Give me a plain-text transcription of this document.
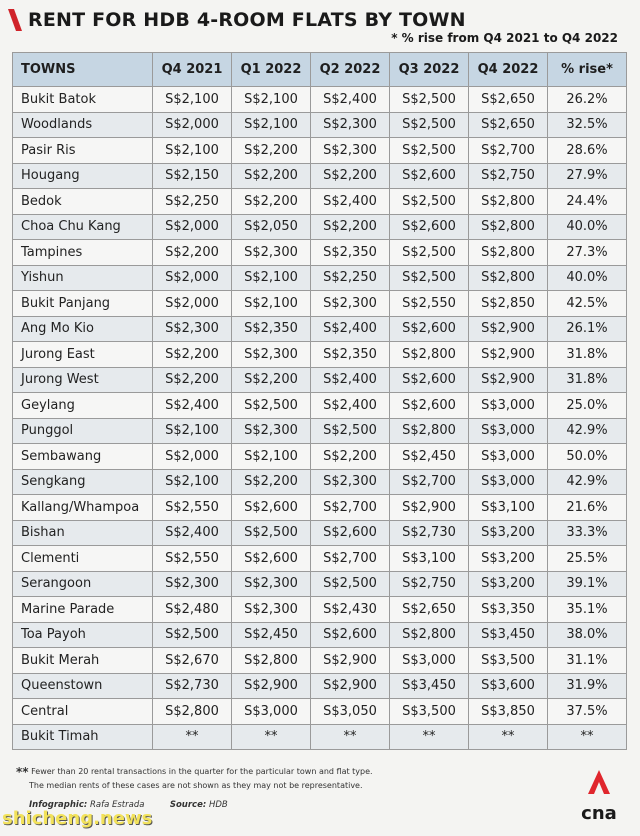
RENT FOR HDB 4-ROOM FLATS BY TOWN
* % rise from Q4 2021 to Q4 2022
TOWNS	Q4 2021	Q1 2022	Q2 2022	Q3 2022	Q4 2022	% rise*
Bukit Batok	S$2,100	S$2,100	S$2,400	S$2,500	S$2,650	26.2%
Woodlands	S$2,000	S$2,100	S$2,300	S$2,500	S$2,650	32.5%
Pasir Ris	S$2,100	S$2,200	S$2,300	S$2,500	S$2,700	28.6%
Hougang	S$2,150	S$2,200	S$2,200	S$2,600	S$2,750	27.9%
Bedok	S$2,250	S$2,200	S$2,400	S$2,500	S$2,800	24.4%
Choa Chu Kang	S$2,000	S$2,050	S$2,200	S$2,600	S$2,800	40.0%
Tampines	S$2,200	S$2,300	S$2,350	S$2,500	S$2,800	27.3%
Yishun	S$2,000	S$2,100	S$2,250	S$2,500	S$2,800	40.0%
Bukit Panjang	S$2,000	S$2,100	S$2,300	S$2,550	S$2,850	42.5%
Ang Mo Kio	S$2,300	S$2,350	S$2,400	S$2,600	S$2,900	26.1%
Jurong East	S$2,200	S$2,300	S$2,350	S$2,800	S$2,900	31.8%
Jurong West	S$2,200	S$2,200	S$2,400	S$2,600	S$2,900	31.8%
Geylang	S$2,400	S$2,500	S$2,400	S$2,600	S$3,000	25.0%
Punggol	S$2,100	S$2,300	S$2,500	S$2,800	S$3,000	42.9%
Sembawang	S$2,000	S$2,100	S$2,200	S$2,450	S$3,000	50.0%
Sengkang	S$2,100	S$2,200	S$2,300	S$2,700	S$3,000	42.9%
Kallang/Whampoa	S$2,550	S$2,600	S$2,700	S$2,900	S$3,100	21.6%
Bishan	S$2,400	S$2,500	S$2,600	S$2,730	S$3,200	33.3%
Clementi	S$2,550	S$2,600	S$2,700	S$3,100	S$3,200	25.5%
Serangoon	S$2,300	S$2,300	S$2,500	S$2,750	S$3,200	39.1%
Marine Parade	S$2,480	S$2,300	S$2,430	S$2,650	S$3,350	35.1%
Toa Payoh	S$2,500	S$2,450	S$2,600	S$2,800	S$3,450	38.0%
Bukit Merah	S$2,670	S$2,800	S$2,900	S$3,000	S$3,500	31.1%
Queenstown	S$2,730	S$2,900	S$2,900	S$3,450	S$3,600	31.9%
Central	S$2,800	S$3,000	S$3,050	S$3,500	S$3,850	37.5%
Bukit Timah	**	**	**	**	**	**
** Fewer than 20 rental transactions in the quarter for the particular town and flat type.
The median rents of these cases are not shown as they may not be representative.
Infographic: Rafa Estrada	Source: HDB	cna
shicheng.news
